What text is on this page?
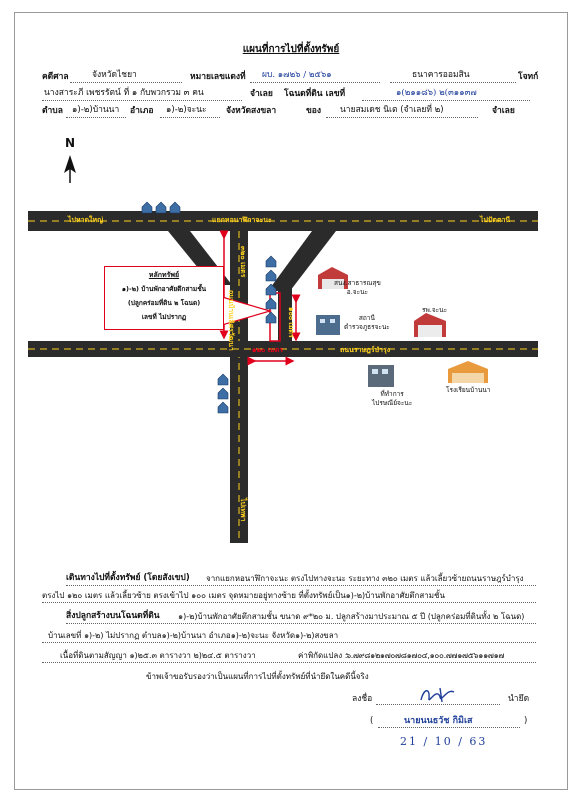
แผนที่การไปที่ตั้งทรัพย์
คดีศาล	จังหวัดไชยา	หมายเลขแดงที่ ผบ. ๑๗๒๖ / ๒๕๖๑	ธนาคารออมสิน	โจทก์
นางสาระภี เพชรรัตน์ ที่ ๑ กับพวกรวม ๓ คน	จำเลย โฉนดที่ดิน เลขที่	๑(๒๑๑๘๖) ๒(๓๑๑๓๗
ตำบล ๑)-๒)บ้านนา อำเภอ ๑)-๒)จะนะ จังหวัดสงขลา	ของ นายสมเดช นิเต (จำเลยที่ ๒)	จำเลย
N
ไปหาดใหญ่	แยกหอนาฬิกาจะนะ	ไปปัตตานี
ถนนบ้านเลิศรวัฒนา
๓๒๐ เมตร
๑๐๐ เมตร
๑๒๐ เมตร	ถนนราษฎร์บำรุง
ไปเทพา
หลักทรัพย์
๑)-๒) บ้านพักอาศัยตึกสามชั้น
(ปลูกคร่อมที่ดิน ๒ โฉนด)
เลขที่ ไม่ปรากฏ
สนง.สาธารณสุข
อ.จะนะ
สถานี
ตำรวจภูธรจะนะ
รพ.จะนะ
ที่ทำการ
ไปรษณีย์จะนะ
โรงเรียนบ้านนา
เดินทางไปที่ตั้งทรัพย์ (โดยสังเขป) จากแยกหอนาฬิกาจะนะ ตรงไปทางจะนะ ระยะทาง ๓๒๐ เมตร แล้วเลี้ยวซ้ายถนนราษฎร์บำรุง
ตรงไป ๑๒๐ เมตร แล้วเลี้ยวซ้าย ตรงเข้าไป ๑๐๐ เมตร จุดหมายอยู่ทางซ้าย ที่ตั้งทรัพย์เป็น๑)-๒)บ้านพักอาศัยตึกสามชั้น
สิ่งปลูกสร้างบนโฉนดที่ดิน ๑)-๒)บ้านพักอาศัยตึกสามชั้น ขนาด ๙*๒๐ ม. ปลูกสร้างมาประมาณ ๕ ปี (ปลูกคร่อมที่ดินทั้ง ๒ โฉนด)
บ้านเลขที่ ๑)-๒) ไม่ปรากฏ ตำบล๑)-๒)บ้านนา อำเภอ๑)-๒)จะนะ จังหวัด๑)-๒)สงขลา
เนื้อที่ดินตามสัญญา ๑)๒๕.๓ ตารางวา ๒)๒๔.๕ ตารางวา	ค่าพิกัดแปลง :
๖.๗๙๘๑๒๑๗๐๗๘๑๗๐๔,๑๐๐.๗๗๑๗๕๖๑๑๗๑๗
ข้าพเจ้าขอรับรองว่าเป็นแผนที่การไปที่ตั้งทรัพย์ที่นำยึดในคดีนี้จริง
ลงชื่อ	นำยึด
(	นายนนธวัช กิมิเส	)
21 / 10 / 63
